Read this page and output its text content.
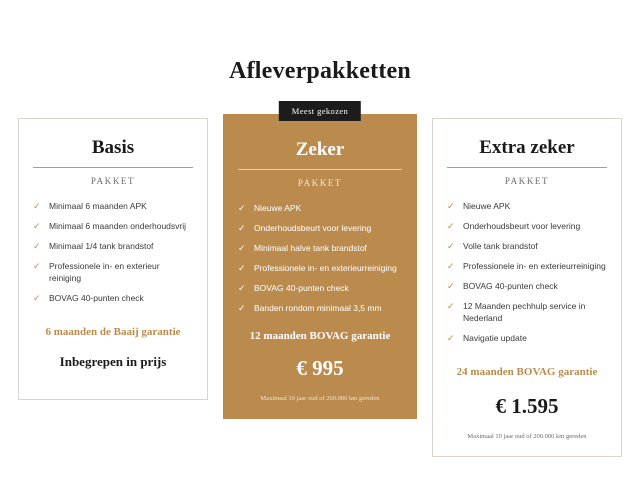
Afleverpakketten
Basis
PAKKET
✓ Minimaal 6 maanden APK
✓ Minimaal 6 maanden onderhoudsvrij
✓ Minimaal 1/4 tank brandstof
✓ Professionele in- en exterieur reiniging
✓ BOVAG 40-punten check
6 maanden de Baaij garantie
Inbegrepen in prijs
Meest gekozen
Zeker
PAKKET
✓ Nieuwe APK
✓ Onderhoudsbeurt voor levering
✓ Minimaal halve tank brandstof
✓ Professionele in- en exterieurreiniging
✓ BOVAG 40-punten check
✓ Banden rondom minimaal 3,5 mm
12 maanden BOVAG garantie
€ 995
Maximaal 10 jaar oud of 200.000 km gereden
Extra zeker
PAKKET
✓ Nieuwe APK
✓ Onderhoudsbeurt voor levering
✓ Volle tank brandstof
✓ Professionele in- en exterieurreiniging
✓ BOVAG 40-punten check
✓ 12 Maanden pechhulp service in Nederland
✓ Navigatie update
24 maanden BOVAG garantie
€ 1.595
Maximaal 10 jaar oud of 200.000 km gereden
